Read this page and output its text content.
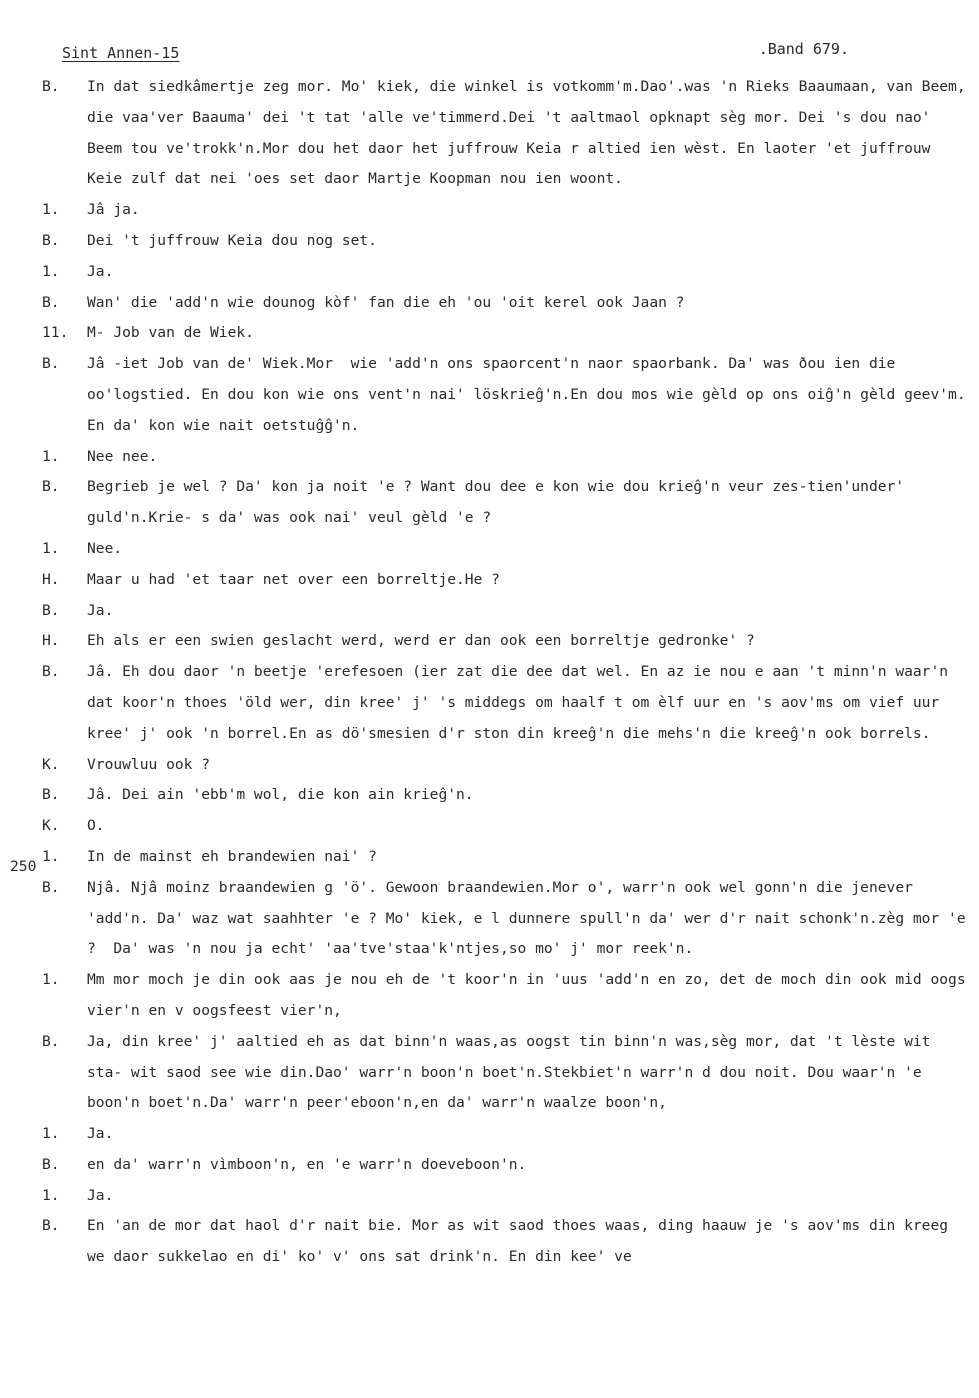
Sint Annen-15	.Band 679.
B.	In dat siedkâmertje zeg mor. Mo' kiek, die winkel is votkomm'm.Dao'.was 'n Rieks Baaumaan, van Beem, die vaa'ver Baauma' dei 't tat 'alle ve'timmerd.Dei 't aaltmaol opknapt sèg mor. Dei 's dou nao' Beem tou ve'trokk'n.Mor dou het daor het juffrouw Keia r altied ien wèst. En laoter 'et juffrouw Keie zulf dat nei 'oes set daor Martje Koopman nou ien woont.
1.	Jâ ja.
B.	Dei 't juffrouw Keia dou nog set.
1.	Ja.
B.	Wan' die 'add'n wie dounog kòf' fan die eh 'ou 'oit kerel ook Jaan ?
11.	M- Job van de Wiek.
B.	Jâ -iet Job van de' Wiek.Mor  wie 'add'n ons spaorcent'n naor spaorbank. Da' was ðou ien die oo'logstied. En dou kon wie ons vent'n nai' löskrieĝ'n.En dou mos wie gèld op ons oiĝ'n gèld geev'm. En da' kon wie nait oetstuĝĝ'n.
1.	Nee nee.
B.	Begrieb je wel ? Da' kon ja noit 'e ? Want dou dee e kon wie dou krieĝ'n veur zes-tien'under' guld'n.Krie- s da' was ook nai' veul gèld 'e ?
1.	Nee.
H.	Maar u had 'et taar net over een borreltje.He ?
B.	Ja.
H.	Eh als er een swien geslacht werd, werd er dan ook een borreltje gedronke' ?
B.	Jâ. Eh dou daor 'n beetje 'erefesoen (ier zat die dee dat wel. En az ie nou e aan 't minn'n waar'n dat koor'n thoes 'öld wer, din kree' j' 's middegs om haalf t om èlf uur en 's aov'ms om vief uur kree' j' ook 'n borrel.En as dö'smesien d'r ston din kreeĝ'n die mehs'n die kreeĝ'n ook borrels.
K.	Vrouwluu ook ?
B.	Jâ. Dei ain 'ebb'm wol, die kon ain krieĝ'n.
K.	O.
250
1.	In de mainst eh brandewien nai' ?
B.	Njâ. Njâ moinz braandewien g 'ö'. Gewoon braandewien.Mor o', warr'n ook wel gonn'n die jenever 'add'n. Da' waz wat saahhter 'e ? Mo' kiek, e l dunnere spull'n da' wer d'r nait schonk'n.zèg mor 'e ?  Da' was 'n nou ja echt' 'aa'tve'staa'k'ntjes,so mo' j' mor reek'n.
1.	Mm mor moch je din ook aas je nou eh de 't koor'n in 'uus 'add'n en zo, det de moch din ook mid oogs vier'n en v oogsfeest vier'n,
B.	Ja, din kree' j' aaltied eh as dat binn'n waas,as oogst tin binn'n was,sèg mor, dat 't lèste wit sta- wit saod see wie din.Dao' warr'n boon'n boet'n.Stekbiet'n warr'n d dou noit. Dou waar'n 'e boon'n boet'n.Da' warr'n peer'eboon'n,en da' warr'n waalze boon'n,
1.	Ja.
B.	en da' warr'n vìmboon'n, en 'e warr'n doeveboon'n.
1.	Ja.
B.	En 'an de mor dat haol d'r nait bie. Mor as wit saod thoes waas, ding haauw je 's aov'ms din kreeg we daor sukkelao en di' ko' v' ons sat drink'n. En din kee' ve
